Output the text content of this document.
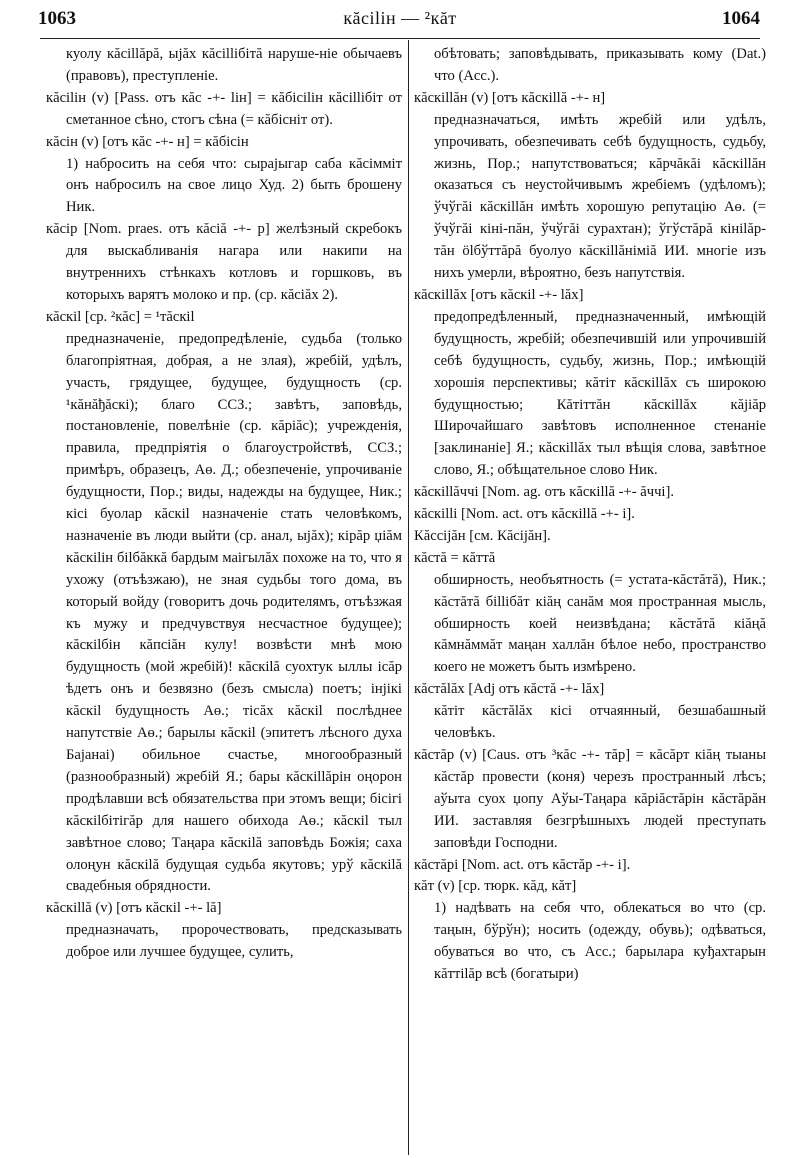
1063	кăсіlін — ²кăт	1064

куолу кăсіllăрă, ыjăх кăсіllібітă наруше-ніе обычаевъ (правовъ), преступленіе.

кăсіlін (v) [Pass. отъ кăс -+- lін] = кăбісіlін кăсіllібіт от сметанное сѣно, стогъ сѣна (= кăбісніт от).

кăсін (v) [отъ кăс -+- н] = кăбісін

1) набросить на себя что: сырајыгар саба кăсімміт онъ набросилъ на свое лицо Худ. 2) быть брошену Ник.

кăсір [Nom. praes. отъ кăсіă -+- р] желѣзный скребокъ для выскабливанія нагара или накипи на внутреннихъ стѣнкахъ котловъ и горшковъ, въ которыхъ варятъ молоко и пр. (ср. кăсіăх 2).

кăскіl [ср. ²кăс] = ¹тăскіl

предназначеніе, предопредѣленіе, судьба (только благопріятная, добрая, а не злая), жребій, удѣлъ, участь, грядущее, будущее, будущность (ср. ¹кăнăђăскі); благо ССЗ.; завѣтъ, заповѣдь, постановленіе, повелѣніе (ср. кăріăс); учрежденія, правила, предпріятія о благоустройствѣ, ССЗ.; примѣръ, образецъ, Аө. Д.; обезпеченіе, упрочиваніе будущности, Пор.; виды, надежды на будущее, Ник.; кісі буолар кăскіl назначеніе стать человѣкомъ, назначеніе въ люди выйти (ср. анал, ыјăх); кірăр џіăм кăскіlін біlбăккă бардым маігылăх похоже на то, что я ухожу (отъѣзжаю), не зная судьбы того дома, въ который войду (говоритъ дочь родителямъ, отъѣзжая къ мужу и предчувствуя несчастное будущее); кăскіlбін кăпсіăн кулу! возвѣсти мнѣ мою будущность (мой жребій)! кăскіlă суохтук ыллы ісăр ѣдетъ онъ и безвязно (безъ смысла) поетъ; інјікі кăскіl будущность Аө.; тісăх кăскіl послѣднее напутствіе Аө.; барылы кăскіl (эпитетъ лѣсного духа Бајанаі) обильное счастье, многообразный (разнообразный) жребій Я.; бары кăскіllăрін оңорон продѣлавши всѣ обязательства при этомъ вещи; бісігі кăскіlбітігăр для нашего обихода Аө.; кăскіl тыл завѣтное слово; Таңара кăскіlă заповѣдь Божія; саха олоңун кăскіlă будущая судьба якутовъ; урў кăскіlă свадебныя обрядности.

кăскіllă (v) [отъ кăскіl -+- lă]

предназначать, пророчествовать, предсказывать доброе или лучшее будущее, сулить,

обѣтовать; заповѣдывать, приказывать кому (Dat.) что (Acc.).

кăскіllăн (v) [отъ кăскіllă -+- н]

предназначаться, имѣть жребій или удѣлъ, упрочивать, обезпечивать себѣ будущность, судьбу, жизнь, Пор.; напутствоваться; кăрчăкăі кăскіllăн оказаться съ неустойчивымъ жребіемъ (удѣломъ); ўчўгăі кăскіllăн имѣть хорошую репутацію Аө. (= ўчўгăі кіні-пăн, ўчўгăі сурахтан); ўгўстăрă кініlăр-тăн ölбўттăрă буолуо кăскіllăніміă ИИ. многіе изъ нихъ умерли, вѣроятно, безъ напутствія.

кăскіllăх [отъ кăскіl -+- lăх]

предопредѣленный, предназначенный, имѣющій будущность, жребій; обезпечившій или упрочившій себѣ будущность, судьбу, жизнь, Пор.; имѣющій хорошія перспективы; кăтіт кăскіllăх съ широкою будущностью; Кăтіттăн кăскіllăх кăјіăр Широчайшаго завѣтовъ исполненное стенаніе [заклинаніе] Я.; кăскіllăх тыл вѣщія слова, завѣтное слово, Я.; обѣщательное слово Ник.

кăскіllăччі [Nom. ag. отъ кăскіllă -+- ăччі].

кăскіllі [Nom. act. отъ кăскіllă -+- і].

Кăссіјăн [см. Кăсіјăн].

кăстă = кăттă

обширность, необъятность (= устата-кăстăтă), Ник.; кăстăтă біllібăт кіăң санăм моя пространная мысль, обширность коей неизвѣдана; кăстăтă кіăңă кăмнăммăт маңан халлăн бѣлое небо, пространство коего не можетъ быть измѣрено.

кăстălăх [Adj отъ кăстă -+- lăх]

кăтіт кăстălăх кісі отчаянный, безшабашный человѣкъ.

кăстăр (v) [Caus. отъ ³кăс -+- тăр] = кăсăрт кіăң тыаны кăстăр провести (коня) черезъ пространный лѣсъ; аўыта суох џопу Аўы-Таңара кăріăстăрін кăстăрăн ИИ. заставляя безгрѣшныхъ людей преступать заповѣди Господни.

кăстăрі [Nom. act. отъ кăстăр -+- і].

кăт (v) [ср. тюрк. кăд, кăт]

1) надѣвать на себя что, облекаться во что (ср. таңын, бўрўн); носить (одежду, обувь); одѣваться, обуваться во что, съ Acc.; барылара куђахтарын кăттіlăр всѣ (богатыри)
